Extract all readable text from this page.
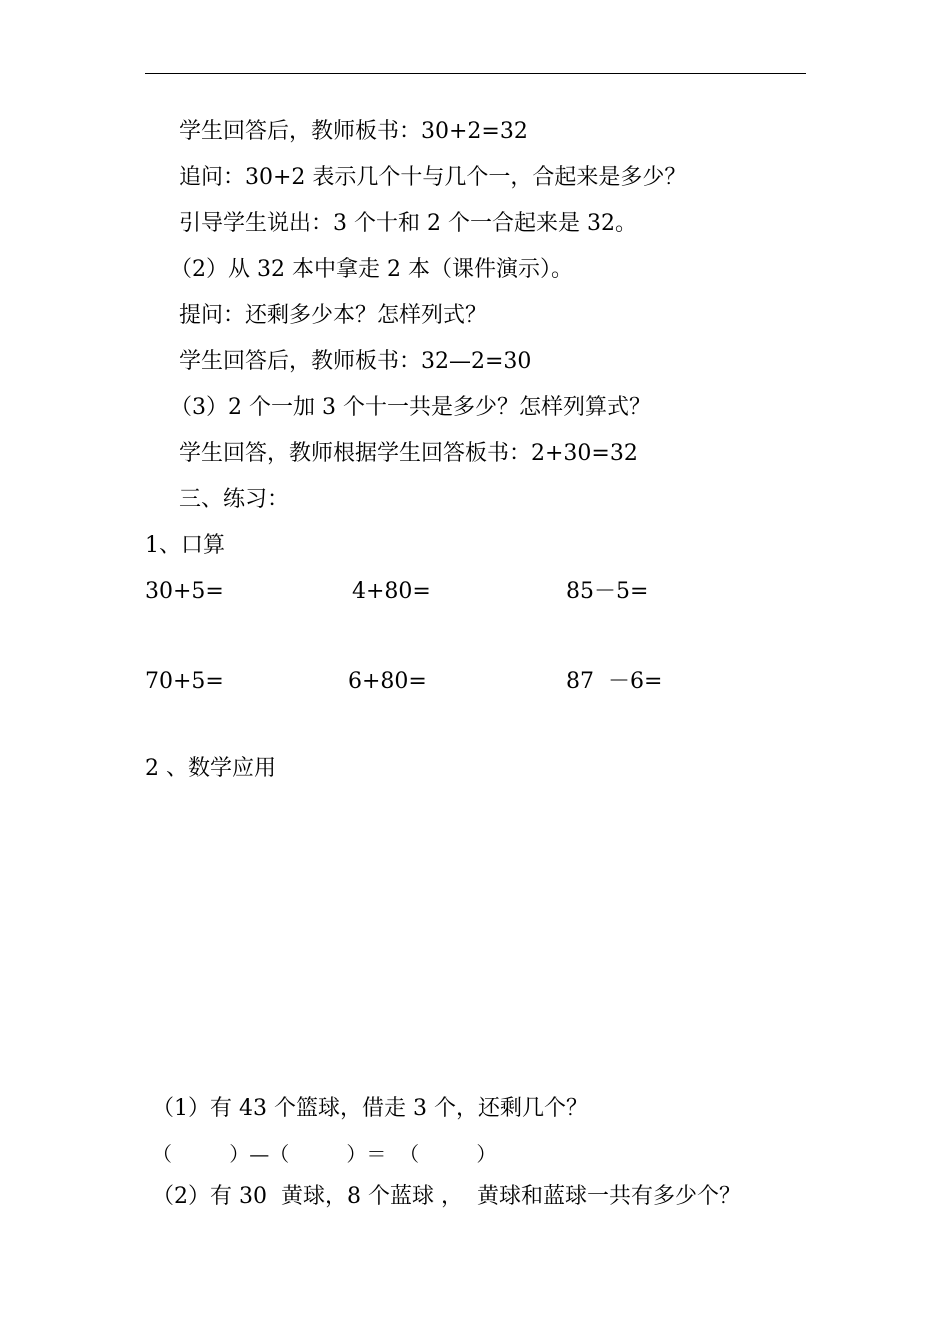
学生回答后，教师板书：30+2=32
追问：30+2 表示几个十与几个一，合起来是多少？
引导学生说出：3 个十和 2 个一合起来是 32。
（2）从 32 本中拿走 2 本（课件演示）。
提问：还剩多少本？怎样列式？
学生回答后，教师板书：32—2=30
（3）2 个一加 3 个十一共是多少？怎样列算式？
学生回答，教师根据学生回答板书：2+30=32
三、练习：
1、口算
30+5=	4+80=	85－5=
70+5=	6+80=	87  －6=
2 、数学应用
（1）有 43 个篮球，借走 3 个，还剩几个？
（         ）—（         ）＝  （         ）
（2）有 30  黄球，8 个蓝球 ，  黄球和蓝球一共有多少个？
